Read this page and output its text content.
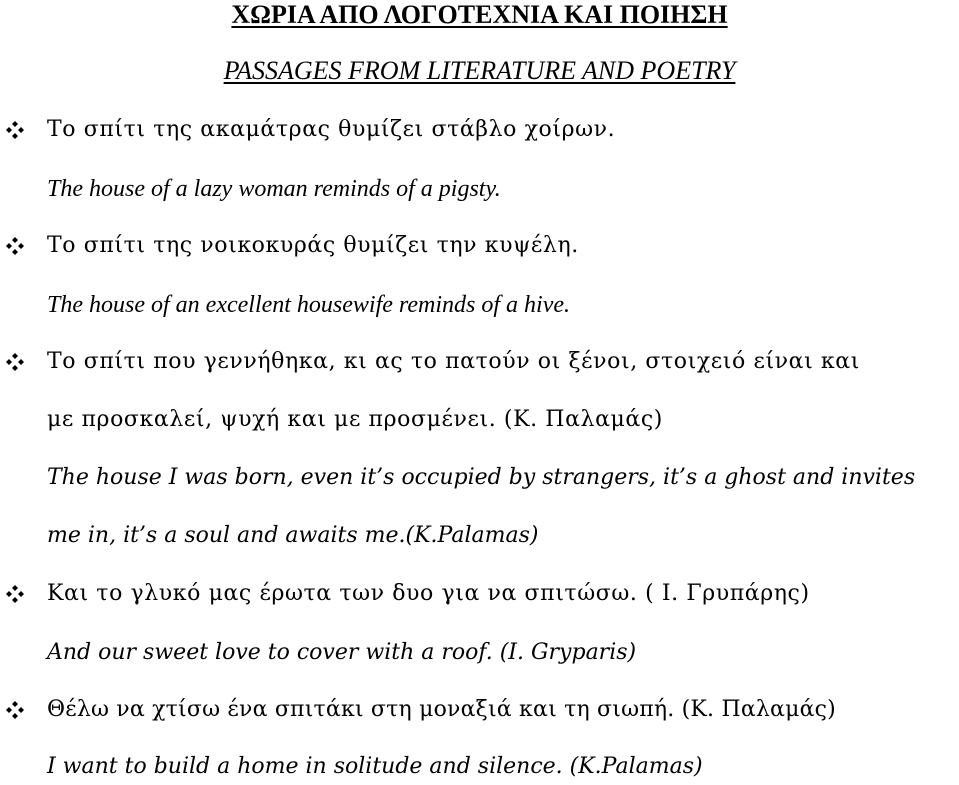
ΧΩΡΙΑ ΑΠΟ ΛΟΓΟΤΕΧΝΙΑ ΚΑΙ ΠΟΙΗΣΗ
PASSAGES FROM LITERATURE AND POETRY
Το σπίτι της ακαμάτρας θυμίζει στάβλο χοίρων.
The house of a lazy woman reminds of a pigsty.
Το σπίτι της νοικοκυράς θυμίζει την κυψέλη.
The house of an excellent housewife reminds of a hive.
Το σπίτι που γεννήθηκα, κι ας το πατούν οι ξένοι, στοιχειό είναι και
με προσκαλεί, ψυχή και με προσμένει. (Κ. Παλαμάς)
The house I was born, even it’s occupied by strangers, it’s a ghost and invites
me in, it’s a soul and awaits me.(K.Palamas)
Και το γλυκό μας έρωτα των δυο για να σπιτώσω. ( Ι. Γρυπάρης)
And our sweet love to cover with a roof. (I. Gryparis)
Θέλω να χτίσω ένα σπιτάκι στη μοναξιά και τη σιωπή. (Κ. Παλαμάς)
I want to build a home in solitude and silence. (K.Palamas)
